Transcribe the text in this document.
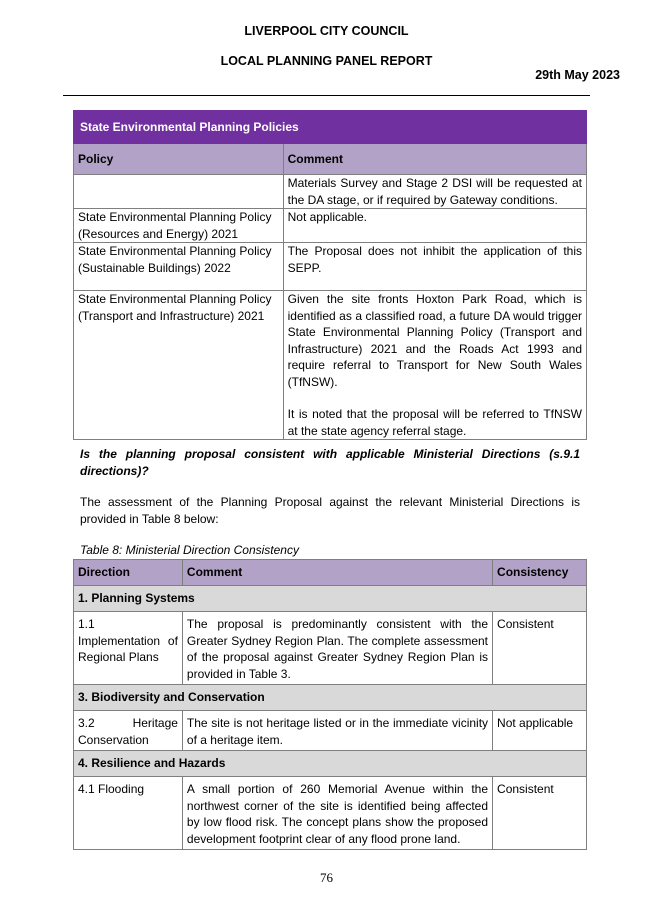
LIVERPOOL CITY COUNCIL
LOCAL PLANNING PANEL REPORT
29th May 2023
State Environmental Planning Policies	
Policy	Comment
	Materials Survey and Stage 2 DSI will be requested at the DA stage, or if required by Gateway conditions.
State Environmental Planning Policy (Resources and Energy) 2021	Not applicable.
State Environmental Planning Policy (Sustainable Buildings) 2022	The Proposal does not inhibit the application of this SEPP.
State Environmental Planning Policy (Transport and Infrastructure) 2021	Given the site fronts Hoxton Park Road, which is identified as a classified road, a future DA would trigger State Environmental Planning Policy (Transport and Infrastructure) 2021 and the Roads Act 1993 and require referral to Transport for New South Wales (TfNSW).
It is noted that the proposal will be referred to TfNSW at the state agency referral stage.
Is the planning proposal consistent with applicable Ministerial Directions (s.9.1 directions)?
The assessment of the Planning Proposal against the relevant Ministerial Directions is provided in Table 8 below:
Table 8: Ministerial Direction Consistency
Direction	Comment	Consistency
1. Planning Systems		
1.1 Implementation of Regional Plans	The proposal is predominantly consistent with the Greater Sydney Region Plan. The complete assessment of the proposal against Greater Sydney Region Plan is provided in Table 3.	Consistent
3. Biodiversity and Conservation		
3.2 Heritage Conservation	The site is not heritage listed or in the immediate vicinity of a heritage item.	Not applicable
4. Resilience and Hazards		
4.1 Flooding	A small portion of 260 Memorial Avenue within the northwest corner of the site is identified being affected by low flood risk. The concept plans show the proposed development footprint clear of any flood prone land.	Consistent
76
